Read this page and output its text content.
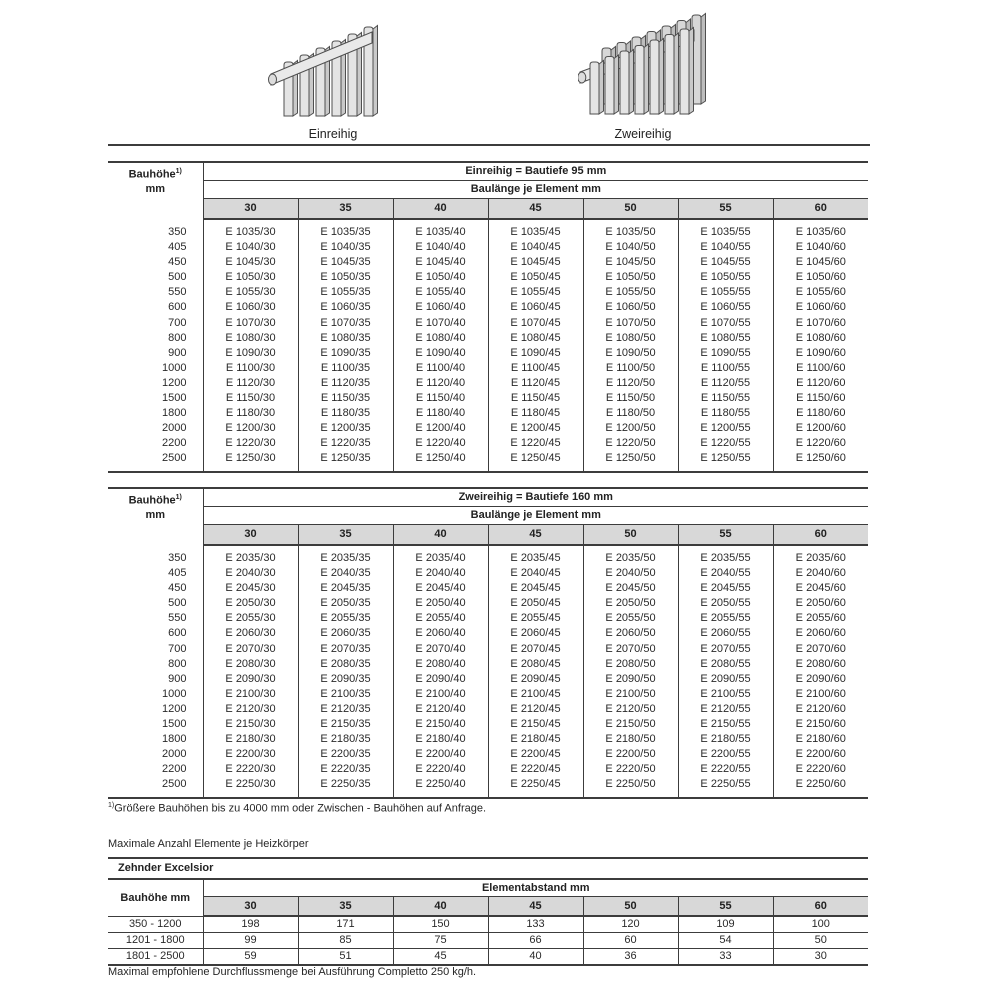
Einreihig	Zweireihig
Bauhöhe$^{1)}$
mm	Einreihig = Bautiefe 95 mm						
	Baulänge je Element mm						
	30	35	40	45	50	55	60
350	E 1035/30	E 1035/35	E 1035/40	E 1035/45	E 1035/50	E 1035/55	E 1035/60
405	E 1040/30	E 1040/35	E 1040/40	E 1040/45	E 1040/50	E 1040/55	E 1040/60
450	E 1045/30	E 1045/35	E 1045/40	E 1045/45	E 1045/50	E 1045/55	E 1045/60
500	E 1050/30	E 1050/35	E 1050/40	E 1050/45	E 1050/50	E 1050/55	E 1050/60
550	E 1055/30	E 1055/35	E 1055/40	E 1055/45	E 1055/50	E 1055/55	E 1055/60
600	E 1060/30	E 1060/35	E 1060/40	E 1060/45	E 1060/50	E 1060/55	E 1060/60
700	E 1070/30	E 1070/35	E 1070/40	E 1070/45	E 1070/50	E 1070/55	E 1070/60
800	E 1080/30	E 1080/35	E 1080/40	E 1080/45	E 1080/50	E 1080/55	E 1080/60
900	E 1090/30	E 1090/35	E 1090/40	E 1090/45	E 1090/50	E 1090/55	E 1090/60
1000	E 1100/30	E 1100/35	E 1100/40	E 1100/45	E 1100/50	E 1100/55	E 1100/60
1200	E 1120/30	E 1120/35	E 1120/40	E 1120/45	E 1120/50	E 1120/55	E 1120/60
1500	E 1150/30	E 1150/35	E 1150/40	E 1150/45	E 1150/50	E 1150/55	E 1150/60
1800	E 1180/30	E 1180/35	E 1180/40	E 1180/45	E 1180/50	E 1180/55	E 1180/60
2000	E 1200/30	E 1200/35	E 1200/40	E 1200/45	E 1200/50	E 1200/55	E 1200/60
2200	E 1220/30	E 1220/35	E 1220/40	E 1220/45	E 1220/50	E 1220/55	E 1220/60
2500	E 1250/30	E 1250/35	E 1250/40	E 1250/45	E 1250/50	E 1250/55	E 1250/60
Bauhöhe$^{1)}$
mm	Zweireihig = Bautiefe 160 mm						
	Baulänge je Element mm						
	30	35	40	45	50	55	60
350	E 2035/30	E 2035/35	E 2035/40	E 2035/45	E 2035/50	E 2035/55	E 2035/60
405	E 2040/30	E 2040/35	E 2040/40	E 2040/45	E 2040/50	E 2040/55	E 2040/60
450	E 2045/30	E 2045/35	E 2045/40	E 2045/45	E 2045/50	E 2045/55	E 2045/60
500	E 2050/30	E 2050/35	E 2050/40	E 2050/45	E 2050/50	E 2050/55	E 2050/60
550	E 2055/30	E 2055/35	E 2055/40	E 2055/45	E 2055/50	E 2055/55	E 2055/60
600	E 2060/30	E 2060/35	E 2060/40	E 2060/45	E 2060/50	E 2060/55	E 2060/60
700	E 2070/30	E 2070/35	E 2070/40	E 2070/45	E 2070/50	E 2070/55	E 2070/60
800	E 2080/30	E 2080/35	E 2080/40	E 2080/45	E 2080/50	E 2080/55	E 2080/60
900	E 2090/30	E 2090/35	E 2090/40	E 2090/45	E 2090/50	E 2090/55	E 2090/60
1000	E 2100/30	E 2100/35	E 2100/40	E 2100/45	E 2100/50	E 2100/55	E 2100/60
1200	E 2120/30	E 2120/35	E 2120/40	E 2120/45	E 2120/50	E 2120/55	E 2120/60
1500	E 2150/30	E 2150/35	E 2150/40	E 2150/45	E 2150/50	E 2150/55	E 2150/60
1800	E 2180/30	E 2180/35	E 2180/40	E 2180/45	E 2180/50	E 2180/55	E 2180/60
2000	E 2200/30	E 2200/35	E 2200/40	E 2200/45	E 2200/50	E 2200/55	E 2200/60
2200	E 2220/30	E 2220/35	E 2220/40	E 2220/45	E 2220/50	E 2220/55	E 2220/60
2500	E 2250/30	E 2250/35	E 2250/40	E 2250/45	E 2250/50	E 2250/55	E 2250/60

$^{1)}$Größere Bauhöhen bis zu 4000 mm oder Zwischen - Bauhöhen auf Anfrage.

Maximale Anzahl Elemente je Heizkörper

Zehnder Excelsior							
Bauhöhe mm	Elementabstand mm						
	30	35	40	45	50	55	60
350 - 1200	198	171	150	133	120	109	100
1201 - 1800	99	85	75	66	60	54	50
1801 - 2500	59	51	45	40	36	33	30

Maximal empfohlene Durchflussmenge bei Ausführung Completto 250 kg/h.
